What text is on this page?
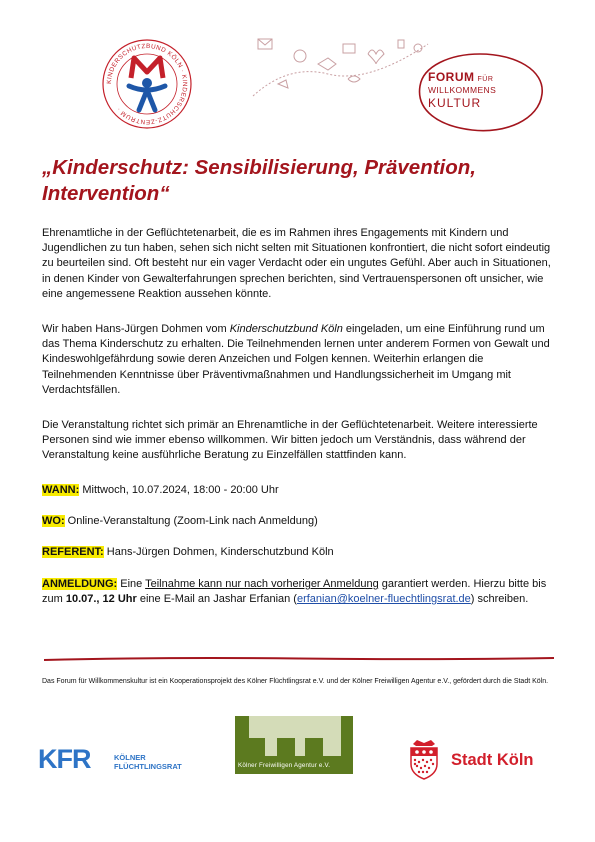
KINDERSCHUTZBUND KÖLN · KINDERSCHUTZ-ZENTRUM ·
FORUM FÜR
WILLKOMMENS
KULTUR
„Kinderschutz: Sensibilisierung, Prävention, Intervention“
Ehrenamtliche in der Geflüchtetenarbeit, die es im Rahmen ihres Engagements mit Kindern und Jugendlichen zu tun haben, sehen sich nicht selten mit Situationen konfrontiert, die nicht sofort eindeutig zu beurteilen sind. Oft besteht nur ein vager Verdacht oder ein ungutes Gefühl. Aber auch in Situationen, in denen Kinder von Gewalterfahrungen sprechen berichten, sind Vertrauenspersonen oft unsicher, wie eine angemessene Reaktion aussehen könnte.
Wir haben Hans-Jürgen Dohmen vom Kinderschutzbund Köln eingeladen, um eine Einführung rund um das Thema Kinderschutz zu erhalten. Die Teilnehmenden lernen unter anderem Formen von Gewalt und Kindeswohlgefährdung sowie deren Anzeichen und Folgen kennen. Weiterhin erlangen die Teilnehmenden Kenntnisse über Präventivmaßnahmen und Handlungssicherheit im Umgang mit Verdachtsfällen.
Die Veranstaltung richtet sich primär an Ehrenamtliche in der Geflüchtetenarbeit. Weitere interessierte Personen sind wie immer ebenso willkommen. Wir bitten jedoch um Verständnis, dass während der Veranstaltung keine ausführliche Beratung zu Einzelfällen stattfinden kann.
WANN: Mittwoch, 10.07.2024, 18:00 - 20:00 Uhr
WO: Online-Veranstaltung (Zoom-Link nach Anmeldung)
REFERENT: Hans-Jürgen Dohmen, Kinderschutzbund Köln
ANMELDUNG: Eine Teilnahme kann nur nach vorheriger Anmeldung garantiert werden. Hierzu bitte bis zum 10.07., 12 Uhr eine E-Mail an Jashar Erfanian (erfanian@koelner-fluechtlingsrat.de) schreiben.
Das Forum für Willkommenskultur ist ein Kooperationsprojekt des Kölner Flüchtlingsrat e.V. und der Kölner Freiwilligen Agentur e.V., gefördert durch die Stadt Köln.
KFR	KÖLNER
FLÜCHTLINGSRAT	Kölner Freiwilligen Agentur e.V.	Stadt Köln
